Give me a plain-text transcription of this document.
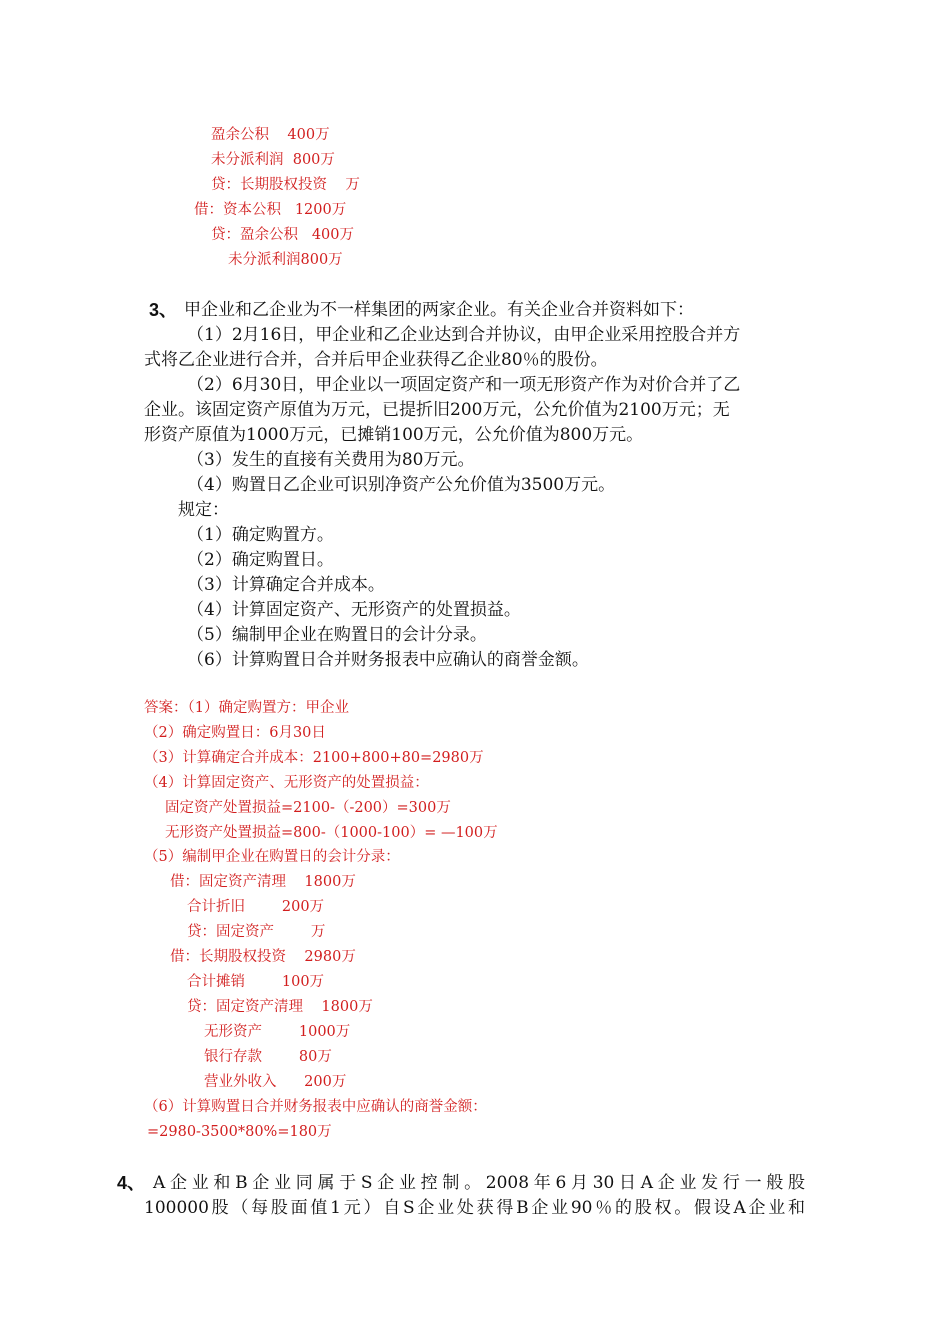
盈余公积    400万
未分派利润  800万
贷：长期股权投资    万
借：资本公积   1200万
贷：盈余公积   400万
未分派利润800万
3、 甲企业和乙企业为不一样集团的两家企业。有关企业合并资料如下：
（1）2月16日，甲企业和乙企业达到合并协议，由甲企业采用控股合并方
式将乙企业进行合并，合并后甲企业获得乙企业80％的股份。
（2）6月30日，甲企业以一项固定资产和一项无形资产作为对价合并了乙
企业。该固定资产原值为万元，已提折旧200万元，公允价值为2100万元；无
形资产原值为1000万元，已摊销100万元，公允价值为800万元。
（3）发生的直接有关费用为80万元。
（4）购置日乙企业可识别净资产公允价值为3500万元。
规定：
（1）确定购置方。
（2）确定购置日。
（3）计算确定合并成本。
（4）计算固定资产、无形资产的处置损益。
（5）编制甲企业在购置日的会计分录。
（6）计算购置日合并财务报表中应确认的商誉金额。
答案：（1）确定购置方：甲企业
（2）确定购置日：6月30日
（3）计算确定合并成本：2100+800+80=2980万
（4）计算固定资产、无形资产的处置损益：
固定资产处置损益=2100-（-200）=300万
无形资产处置损益=800-（1000-100）= —100万
（5）编制甲企业在购置日的会计分录：
借：固定资产清理    1800万
合计折旧        200万
贷：固定资产        万
借：长期股权投资    2980万
合计摊销        100万
贷：固定资产清理    1800万
无形资产        1000万
银行存款        80万
营业外收入      200万
（6）计算购置日合并财务报表中应确认的商誉金额：
=2980-3500*80%=180万
4、 A企业和B企业同属于S企业控制。2008年6月30日A企业发行一般股
100000股（每股面值1元）自S企业处获得B企业90％的股权。假设A企业和
